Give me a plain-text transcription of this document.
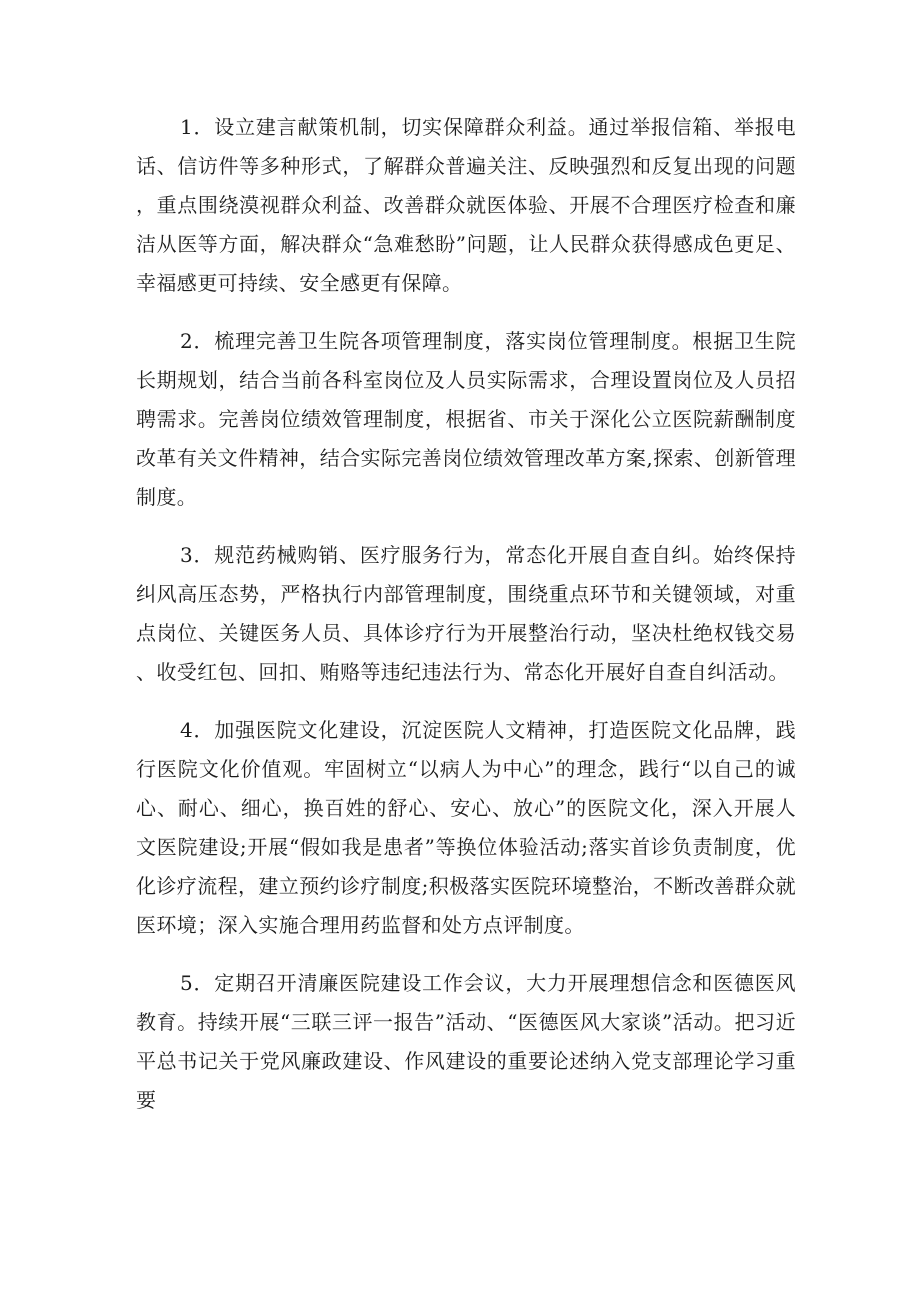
1．设立建言献策机制，切实保障群众利益。通过举报信箱、举报电话、信访件等多种形式，了解群众普遍关注、反映强烈和反复出现的问题，重点围绕漠视群众利益、改善群众就医体验、开展不合理医疗检查和廉洁从医等方面，解决群众“急难愁盼”问题，让人民群众获得感成色更足、幸福感更可持续、安全感更有保障。

2．梳理完善卫生院各项管理制度，落实岗位管理制度。根据卫生院长期规划，结合当前各科室岗位及人员实际需求，合理设置岗位及人员招聘需求。完善岗位绩效管理制度，根据省、市关于深化公立医院薪酬制度改革有关文件精神，结合实际完善岗位绩效管理改革方案,探索、创新管理制度。

3．规范药械购销、医疗服务行为，常态化开展自查自纠。始终保持纠风高压态势，严格执行内部管理制度，围绕重点环节和关键领域，对重点岗位、关键医务人员、具体诊疗行为开展整治行动，坚决杜绝权钱交易、收受红包、回扣、贿赂等违纪违法行为、常态化开展好自查自纠活动。

4．加强医院文化建设，沉淀医院人文精神，打造医院文化品牌，践行医院文化价值观。牢固树立“以病人为中心”的理念，践行“以自己的诚心、耐心、细心，换百姓的舒心、安心、放心”的医院文化，深入开展人文医院建设;开展“假如我是患者”等换位体验活动;落实首诊负责制度，优化诊疗流程，建立预约诊疗制度;积极落实医院环境整治，不断改善群众就医环境；深入实施合理用药监督和处方点评制度。

5．定期召开清廉医院建设工作会议，大力开展理想信念和医德医风教育。持续开展“三联三评一报告”活动、“医德医风大家谈”活动。把习近平总书记关于党风廉政建设、作风建设的重要论述纳入党支部理论学习重要
